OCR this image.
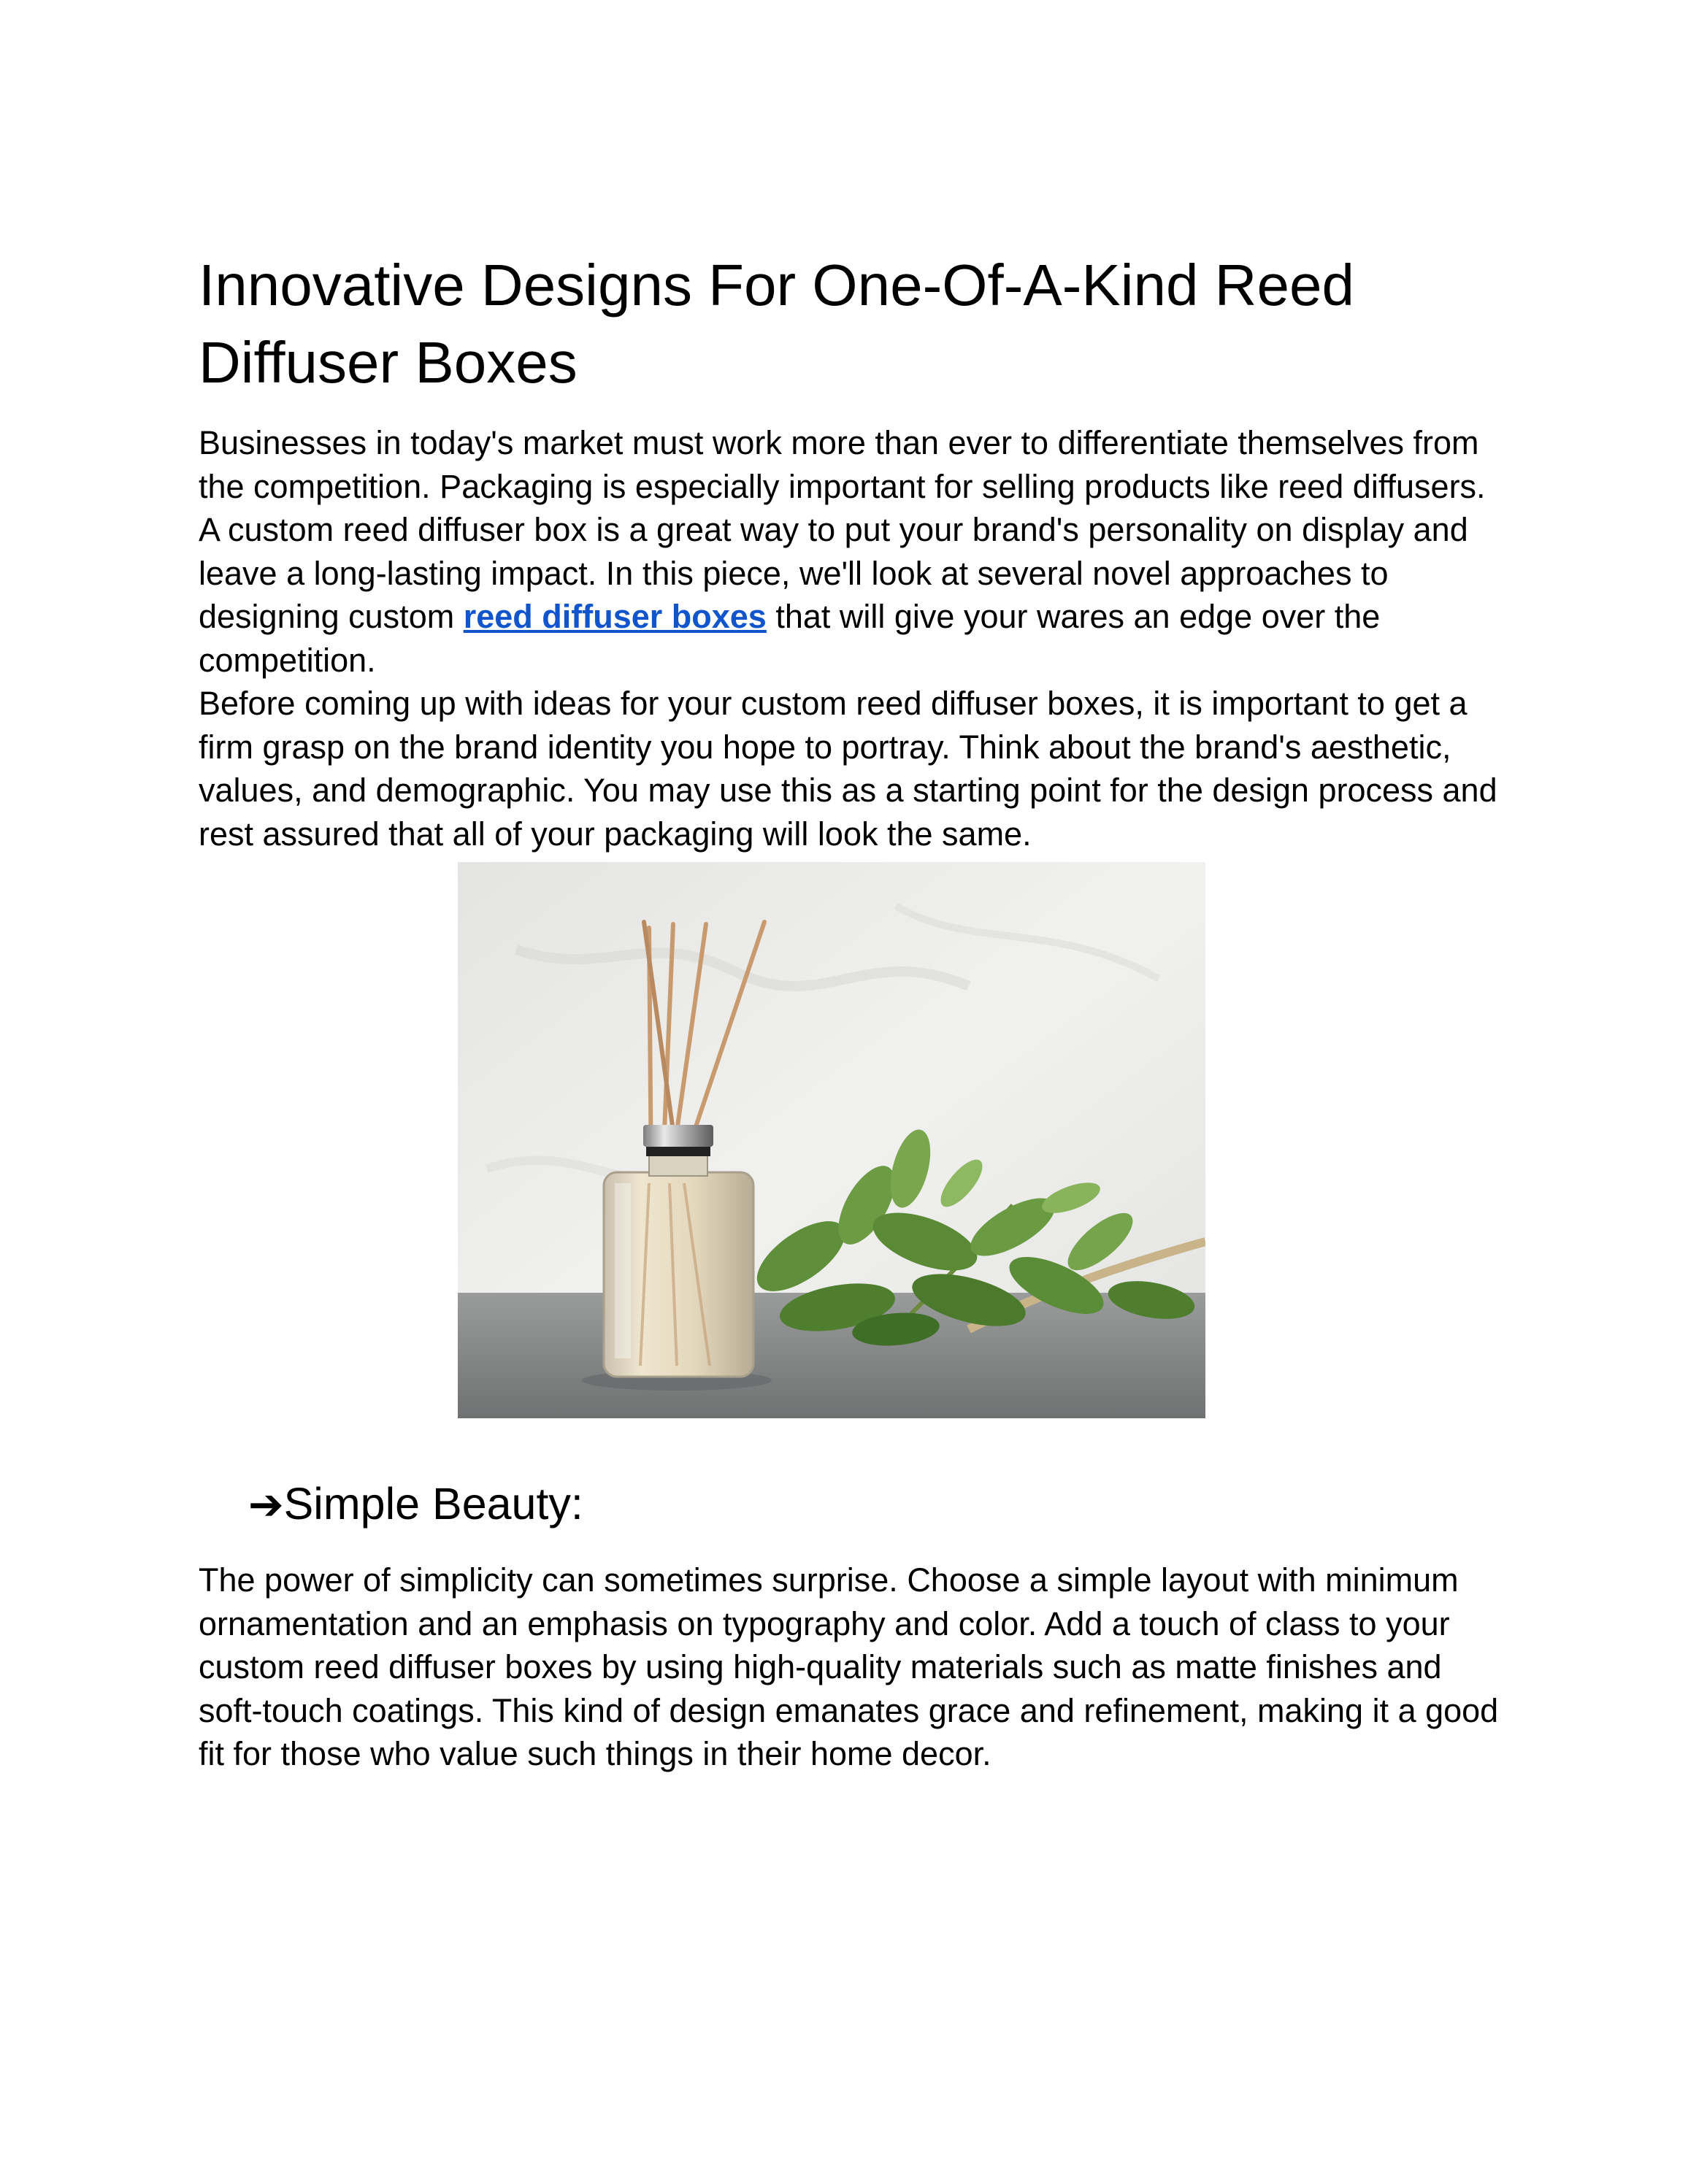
Innovative Designs For One-Of-A-Kind Reed Diffuser Boxes

Businesses in today's market must work more than ever to differentiate themselves from the competition. Packaging is especially important for selling products like reed diffusers. A custom reed diffuser box is a great way to put your brand's personality on display and leave a long-lasting impact. In this piece, we'll look at several novel approaches to designing custom reed diffuser boxes that will give your wares an edge over the competition.

Before coming up with ideas for your custom reed diffuser boxes, it is important to get a firm grasp on the brand identity you hope to portray. Think about the brand's aesthetic, values, and demographic. You may use this as a starting point for the design process and rest assured that all of your packaging will look the same.

➔Simple Beauty:

The power of simplicity can sometimes surprise. Choose a simple layout with minimum ornamentation and an emphasis on typography and color. Add a touch of class to your custom reed diffuser boxes by using high-quality materials such as matte finishes and soft-touch coatings. This kind of design emanates grace and refinement, making it a good fit for those who value such things in their home decor.
